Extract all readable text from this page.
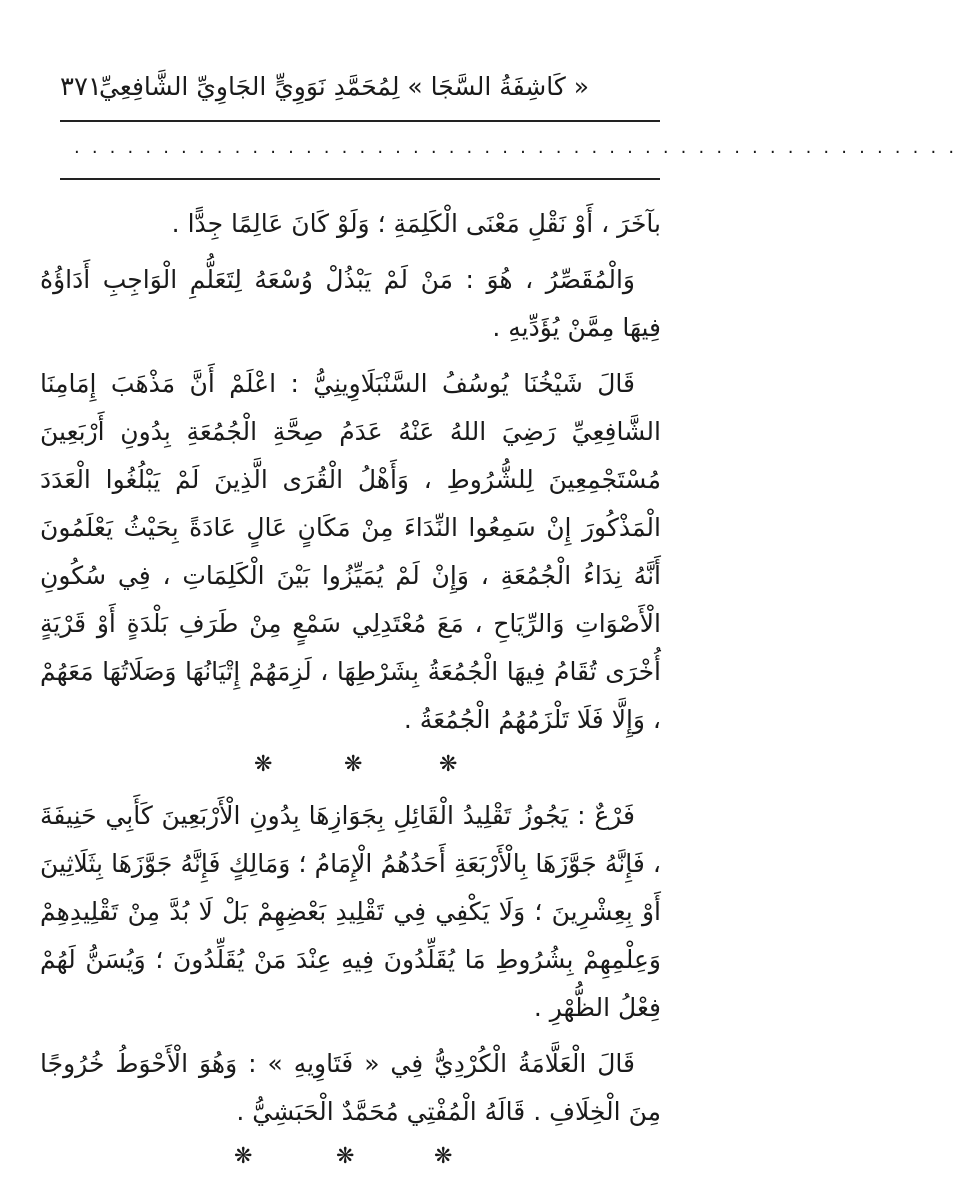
« كَاشِفَةُ السَّجَا » لِمُحَمَّدِ نَوَوِيٍّ الجَاوِيِّ الشَّافِعِيِّ
٣٧١
. . . . . . . . . . . . . . . . . . . . . . . . . . . . . . . . . . . . . . . . . . . . . . . . . .

بآخَرَ ، أَوْ نَقْلِ مَعْنَى الْكَلِمَةِ ؛ وَلَوْ كَانَ عَالِمًا جِدًّا .

وَالْمُقَصِّرُ ، هُوَ : مَنْ لَمْ يَبْذُلْ وُسْعَهُ لِتَعَلُّمِ الْوَاجِبِ أَدَاؤُهُ فِيهَا مِمَّنْ يُؤَدِّيهِ .

قَالَ شَيْخُنَا يُوسُفُ السَّنْبَلَاوِينِيُّ : اعْلَمْ أَنَّ مَذْهَبَ إِمَامِنَا الشَّافِعِيِّ رَضِيَ اللهُ عَنْهُ عَدَمُ صِحَّةِ الْجُمُعَةِ بِدُونِ أَرْبَعِينَ مُسْتَجْمِعِينَ لِلشُّرُوطِ ، وَأَهْلُ الْقُرَى الَّذِينَ لَمْ يَبْلُغُوا الْعَدَدَ الْمَذْكُورَ إِنْ سَمِعُوا النِّدَاءَ مِنْ مَكَانٍ عَالٍ عَادَةً بِحَيْثُ يَعْلَمُونَ أَنَّهُ نِدَاءُ الْجُمُعَةِ ، وَإِنْ لَمْ يُمَيِّزُوا بَيْنَ الْكَلِمَاتِ ، فِي سُكُونِ الْأَصْوَاتِ وَالرِّيَاحِ ، مَعَ مُعْتَدِلِي سَمْعٍ مِنْ طَرَفِ بَلْدَةٍ أَوْ قَرْيَةٍ أُخْرَى تُقَامُ فِيهَا الْجُمُعَةُ بِشَرْطِهَا ، لَزِمَهُمْ إِتْيَانُهَا وَصَلَاتُهَا مَعَهُمْ ، وَإِلَّا فَلَا تَلْزَمُهُمُ الْجُمُعَةُ .

❋	❋	❋

فَرْعٌ : يَجُوزُ تَقْلِيدُ الْقَائِلِ بِجَوَازِهَا بِدُونِ الْأَرْبَعِينَ كَأَبِي حَنِيفَةَ ، فَإِنَّهُ جَوَّزَهَا بِالْأَرْبَعَةِ أَحَدُهُمُ الْإِمَامُ ؛ وَمَالِكٍ فَإِنَّهُ جَوَّزَهَا بِثَلَاثِينَ أَوْ بِعِشْرِينَ ؛ وَلَا يَكْفِي فِي تَقْلِيدِ بَعْضِهِمْ بَلْ لَا بُدَّ مِنْ تَقْلِيدِهِمْ وَعِلْمِهِمْ بِشُرُوطِ مَا يُقَلِّدُونَ فِيهِ عِنْدَ مَنْ يُقَلِّدُونَ ؛ وَيُسَنُّ لَهُمْ فِعْلُ الظُّهْرِ .

قَالَ الْعَلَّامَةُ الْكُرْدِيُّ فِي « فَتَاوِيهِ » : وَهُوَ الْأَحْوَطُ خُرُوجًا مِنَ الْخِلَافِ . قَالَهُ الْمُفْتِي مُحَمَّدٌ الْحَبَشِيُّ .

❋	❋	❋
